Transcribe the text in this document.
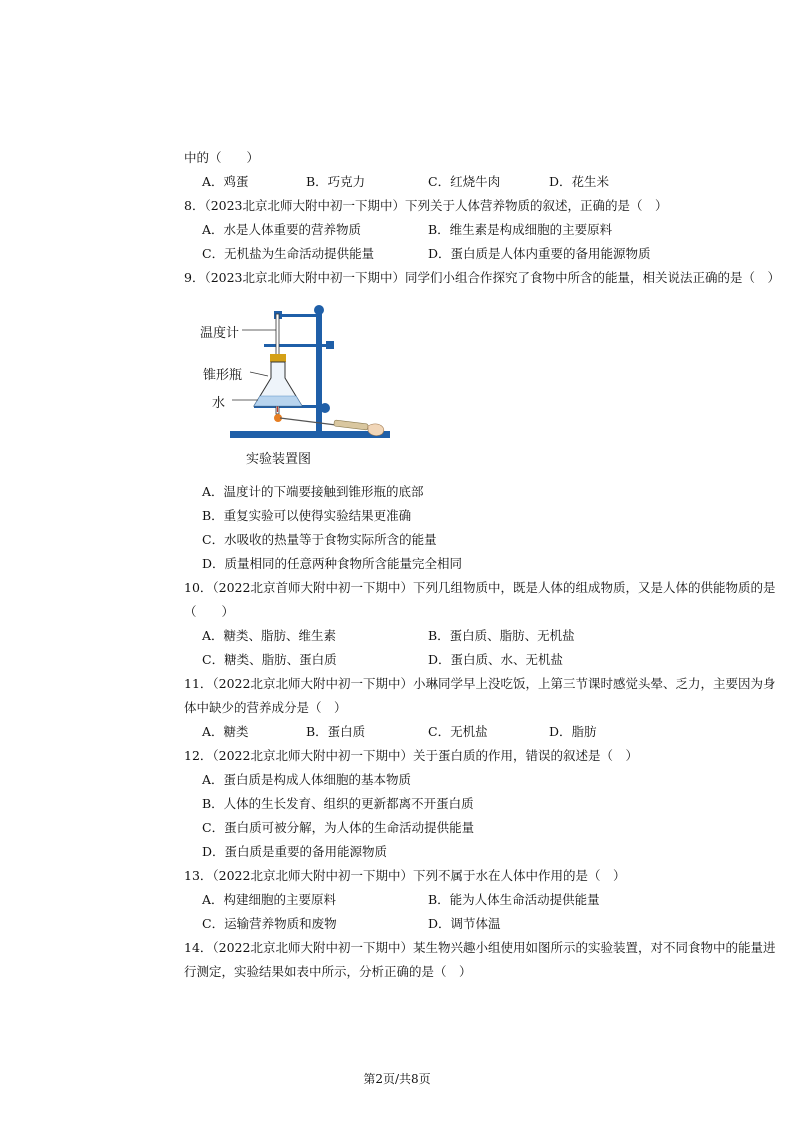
中的（　　）
A．鸡蛋	B．巧克力	C．红烧牛肉	D．花生米
8．（2023北京北师大附中初一下期中）下列关于人体营养物质的叙述，正确的是（　）
A．水是人体重要的营养物质	B．维生素是构成细胞的主要原料
C．无机盐为生命活动提供能量	D．蛋白质是人体内重要的备用能源物质
9．（2023北京北师大附中初一下期中）同学们小组合作探究了食物中所含的能量，相关说法正确的是（　）
温度计
锥形瓶
水
实验装置图
A．温度计的下端要接触到锥形瓶的底部
B．重复实验可以使得实验结果更准确
C．水吸收的热量等于食物实际所含的能量
D．质量相同的任意两种食物所含能量完全相同
10．（2022北京首师大附中初一下期中）下列几组物质中，既是人体的组成物质，又是人体的供能物质的是
（　　）
A．糖类、脂肪、维生素	B．蛋白质、脂肪、无机盐
C．糖类、脂肪、蛋白质	D．蛋白质、水、无机盐
11．（2022北京北师大附中初一下期中）小琳同学早上没吃饭，上第三节课时感觉头晕、乏力，主要因为身
体中缺少的营养成分是（　）
A．糖类	B．蛋白质	C．无机盐	D．脂肪
12．（2022北京北师大附中初一下期中）关于蛋白质的作用，错误的叙述是（　）
A．蛋白质是构成人体细胞的基本物质
B．人体的生长发育、组织的更新都离不开蛋白质
C．蛋白质可被分解，为人体的生命活动提供能量
D．蛋白质是重要的备用能源物质
13．（2022北京北师大附中初一下期中）下列不属于水在人体中作用的是（　）
A．构建细胞的主要原料	B．能为人体生命活动提供能量
C．运输营养物质和废物	D．调节体温
14．（2022北京北师大附中初一下期中）某生物兴趣小组使用如图所示的实验装置，对不同食物中的能量进
行测定，实验结果如表中所示，分析正确的是（　）
第2页/共8页
